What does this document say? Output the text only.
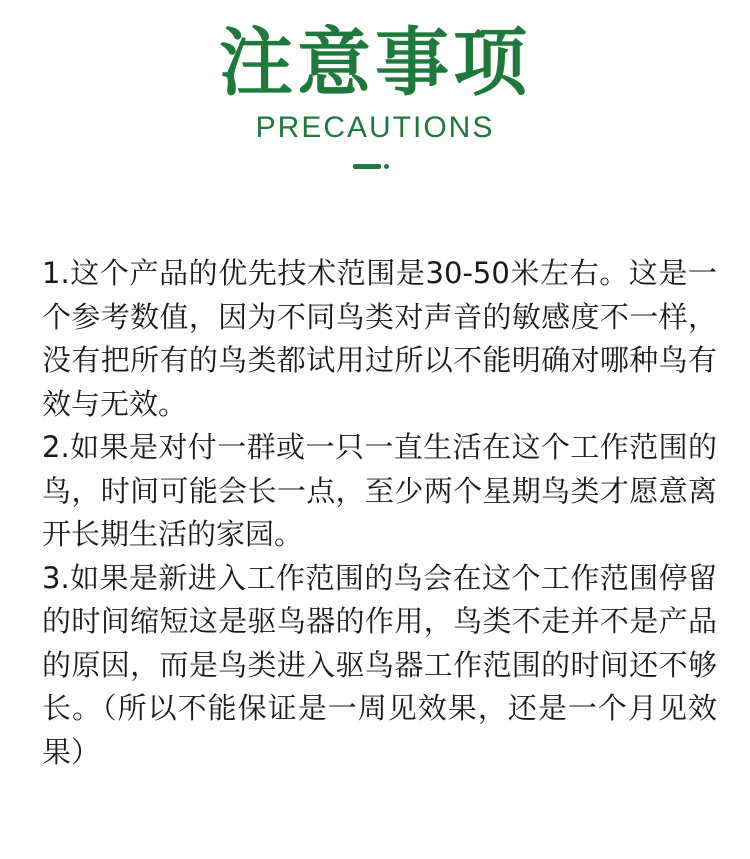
注意事项
PRECAUTIONS

1.这个产品的优先技术范围是30-50米左右。这是一个参考数值，因为不同鸟类对声音的敏感度不一样，没有把所有的鸟类都试用过所以不能明确对哪种鸟有效与无效。

2.如果是对付一群或一只一直生活在这个工作范围的鸟，时间可能会长一点，至少两个星期鸟类才愿意离开长期生活的家园。

3.如果是新进入工作范围的鸟会在这个工作范围停留的时间缩短这是驱鸟器的作用，鸟类不走并不是产品的原因，而是鸟类进入驱鸟器工作范围的时间还不够长。（所以不能保证是一周见效果，还是一个月见效果）
